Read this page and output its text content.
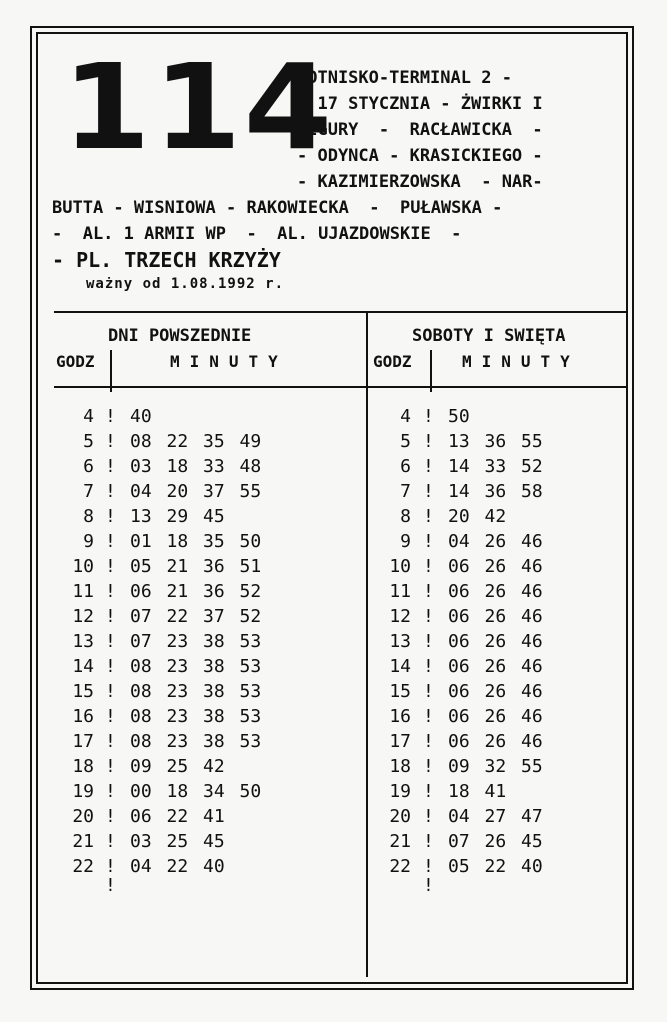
114
LOTNISKO-TERMINAL 2 -
- 17 STYCZNIA - ŻWIRKI I
WIGURY  -  RACŁAWICKA  -
- ODYNCA - KRASICKIEGO -
- KAZIMIERZOWSKA  - NAR-
BUTTA - WISNIOWA - RAKOWIECKA  -  PUŁAWSKA -
-  AL. 1 ARMII WP  -  AL. UJAZDOWSKIE  -
- PL. TRZECH KRZYŻY
ważny od 1.08.1992 r.
DNI POWSZEDNIE
GODZ	MINUTY
SOBOTY I SWIĘTA
GODZ	MINUTY
4 ! 40
5 ! 08 22 35 49
6 ! 03 18 33 48
7 ! 04 20 37 55
8 ! 13 29 45
9 ! 01 18 35 50
10 ! 05 21 36 51
11 ! 06 21 36 52
12 ! 07 22 37 52
13 ! 07 23 38 53
14 ! 08 23 38 53
15 ! 08 23 38 53
16 ! 08 23 38 53
17 ! 08 23 38 53
18 ! 09 25 42
19 ! 00 18 34 50
20 ! 06 22 41
21 ! 03 25 45
22 ! 04 22 40
4 ! 50
5 ! 13 36 55
6 ! 14 33 52
7 ! 14 36 58
8 ! 20 42
9 ! 04 26 46
10 ! 06 26 46
11 ! 06 26 46
12 ! 06 26 46
13 ! 06 26 46
14 ! 06 26 46
15 ! 06 26 46
16 ! 06 26 46
17 ! 06 26 46
18 ! 09 32 55
19 ! 18 41
20 ! 04 27 47
21 ! 07 26 45
22 ! 05 22 40
!	!
